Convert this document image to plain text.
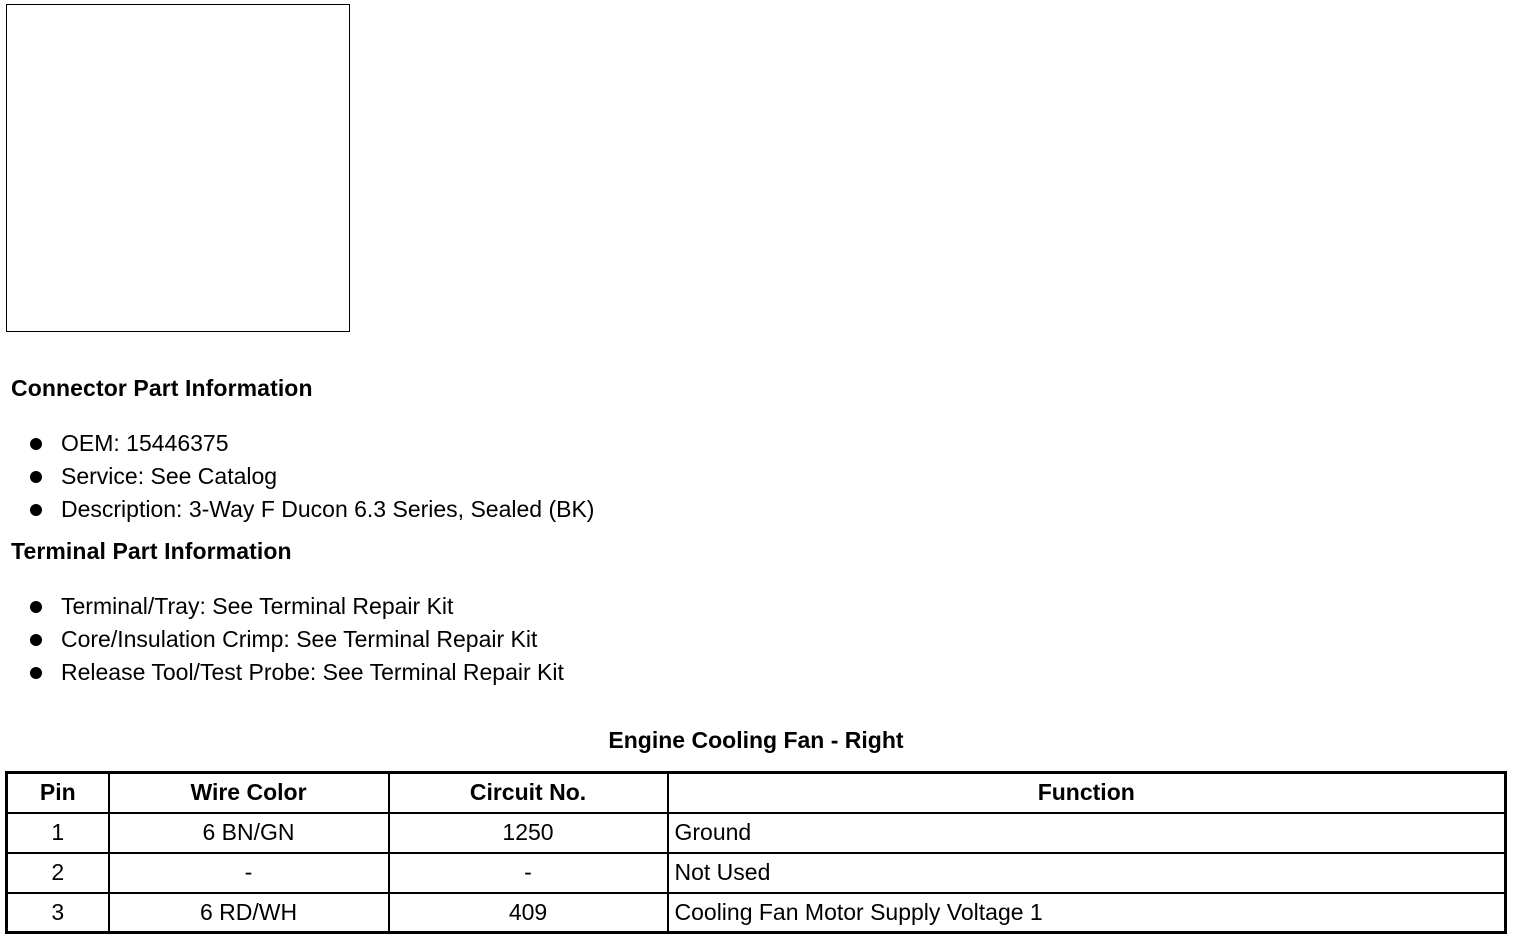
Connector Part Information
OEM: 15446375
Service: See Catalog
Description: 3-Way F Ducon 6.3 Series, Sealed (BK)
Terminal Part Information
Terminal/Tray: See Terminal Repair Kit
Core/Insulation Crimp: See Terminal Repair Kit
Release Tool/Test Probe: See Terminal Repair Kit
Engine Cooling Fan - Right
Pin	Wire Color	Circuit No.	Function
1	6 BN/GN	1250	Ground
2	-	-	Not Used
3	6 RD/WH	409	Cooling Fan Motor Supply Voltage 1
